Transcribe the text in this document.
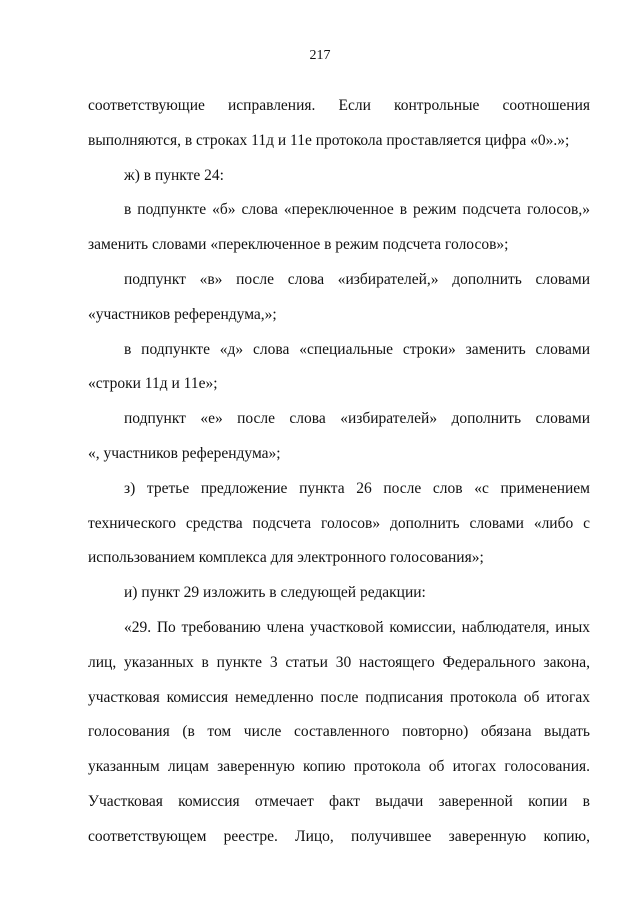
217
соответствующие исправления. Если контрольные соотношения
выполняются, в строках 11д и 11е протокола проставляется цифра «0».»;
ж) в пункте 24:
в подпункте «б» слова «переключенное в режим подсчета голосов,»
заменить словами «переключенное в режим подсчета голосов»;
подпункт «в» после слова «избирателей,» дополнить словами
«участников референдума,»;
в подпункте «д» слова «специальные строки» заменить словами
«строки 11д и 11е»;
подпункт «е» после слова «избирателей» дополнить словами
«, участников референдума»;
з) третье предложение пункта 26 после слов «с применением
технического средства подсчета голосов» дополнить словами «либо с
использованием комплекса для электронного голосования»;
и) пункт 29 изложить в следующей редакции:
«29. По требованию члена участковой комиссии, наблюдателя, иных
лиц, указанных в пункте 3 статьи 30 настоящего Федерального закона,
участковая комиссия немедленно после подписания протокола об итогах
голосования (в том числе составленного повторно) обязана выдать
указанным лицам заверенную копию протокола об итогах голосования.
Участковая комиссия отмечает факт выдачи заверенной копии в
соответствующем реестре. Лицо, получившее заверенную копию,
